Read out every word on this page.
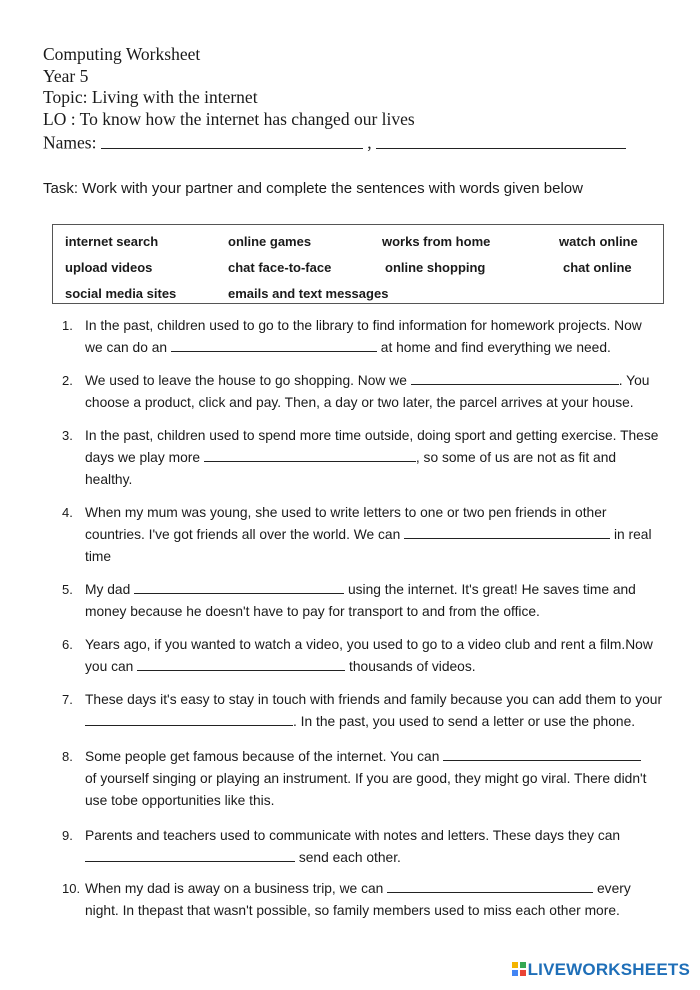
Computing Worksheet
Year 5
Topic: Living with the internet
LO : To know how the internet has changed our lives
Names:	,
Task: Work with your partner and complete the sentences with words given below
internet search	online games	works from home	watch online
upload videos	chat face-to-face	online shopping	chat online
social media sites	emails and text messages
1. In the past, children used to go to the library to find information for homework projects. Now
we can do an	at home and find everything we need.
2. We used to leave the house to go shopping. Now we	. You
choose a product, click and pay. Then, a day or two later, the parcel arrives at your house.
3. In the past, children used to spend more time outside, doing sport and getting exercise. These
days we play more	, so some of us are not as fit and
healthy.
4. When my mum was young, she used to write letters to one or two pen friends in other
countries. I've got friends all over the world. We can	in real
time
5. My dad	using the internet. It's great! He saves time and
money because he doesn't have to pay for transport to and from the office.
6. Years ago, if you wanted to watch a video, you used to go to a video club and rent a film.Now
you can	thousands of videos.
7. These days it's easy to stay in touch with friends and family because you can add them to your
. In the past, you used to send a letter or use the phone.
8. Some people get famous because of the internet. You can
of yourself singing or playing an instrument. If you are good, they might go viral. There didn't
use tobe opportunities like this.
9. Parents and teachers used to communicate with notes and letters. These days they can
send each other.
10. When my dad is away on a business trip, we can	every
night. In thepast that wasn't possible, so family members used to miss each other more.
LIVEWORKSHEETS
